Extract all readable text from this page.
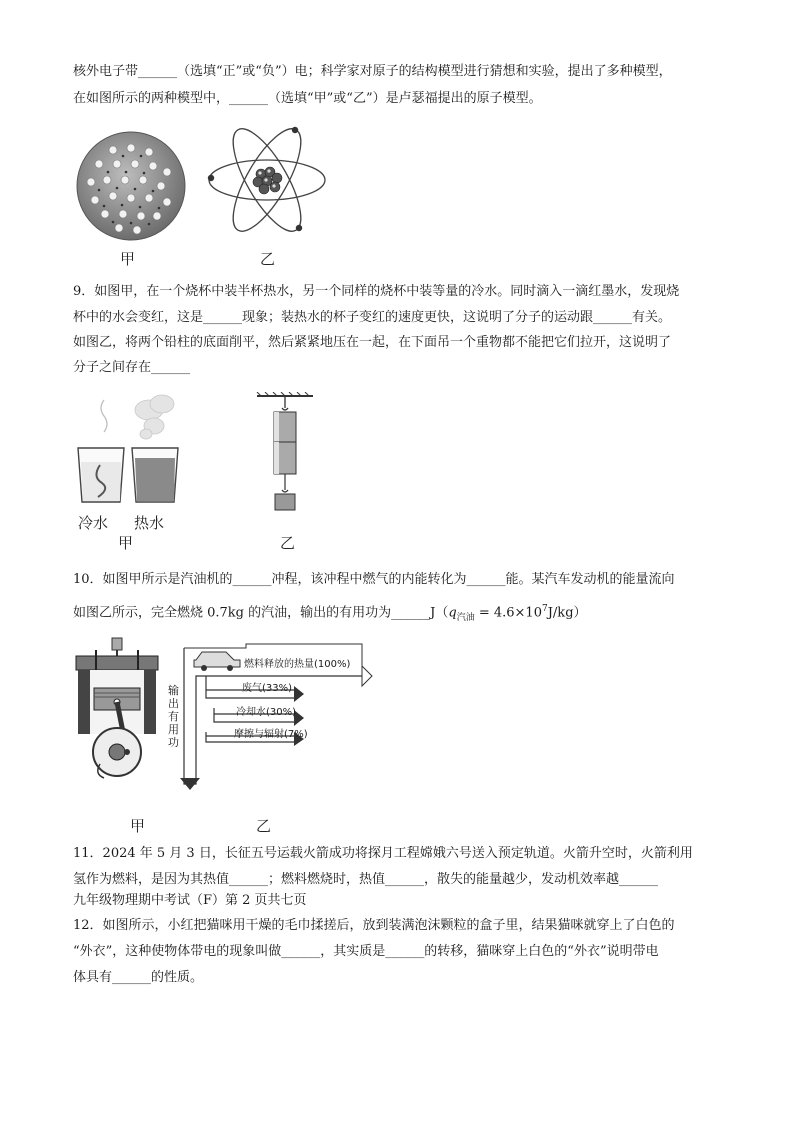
核外电子带______（选填“正”或“负”）电；科学家对原子的结构模型进行猜想和实验，提出了多种模型，
在如图所示的两种模型中，______（选填“甲”或“乙”）是卢瑟福提出的原子模型。
甲	乙
9．如图甲，在一个烧杯中装半杯热水，另一个同样的烧杯中装等量的冷水。同时滴入一滴红墨水，发现烧
杯中的水会变红，这是______现象；装热水的杯子变红的速度更快，这说明了分子的运动跟______有关。
如图乙，将两个铅柱的底面削平，然后紧紧地压在一起，在下面吊一个重物都不能把它们拉开，这说明了
分子之间存在______
冷水 热水
甲	乙
10．如图甲所示是汽油机的______冲程，该冲程中燃气的内能转化为______能。某汽车发动机的能量流向
如图乙所示，完全燃烧 0.7kg 的汽油，输出的有用功为$\_\_\_\_\_\_J(q_{汽油} = 4.6\times 10^7J/kg)$
甲
燃料释放的热量(100%)
废气(33%)
冷却水(30%)
摩擦与辐射(7%)
输出有用功
乙
11．2024 年 5 月 3 日，长征五号运载火箭成功将探月工程嫦娥六号送入预定轨道。火箭升空时，火箭利用
氢作为燃料，是因为其热值______；燃料燃烧时，热值______，散失的能量越少，发动机效率越______
九年级物理期中考试（F）第 2 页共七页
12．如图所示，小红把猫咪用干燥的毛巾揉搓后，放到装满泡沫颗粒的盒子里，结果猫咪就穿上了白色的
“外衣”，这种使物体带电的现象叫做______，其实质是______的转移，猫咪穿上白色的“外衣”说明带电
体具有______的性质。
